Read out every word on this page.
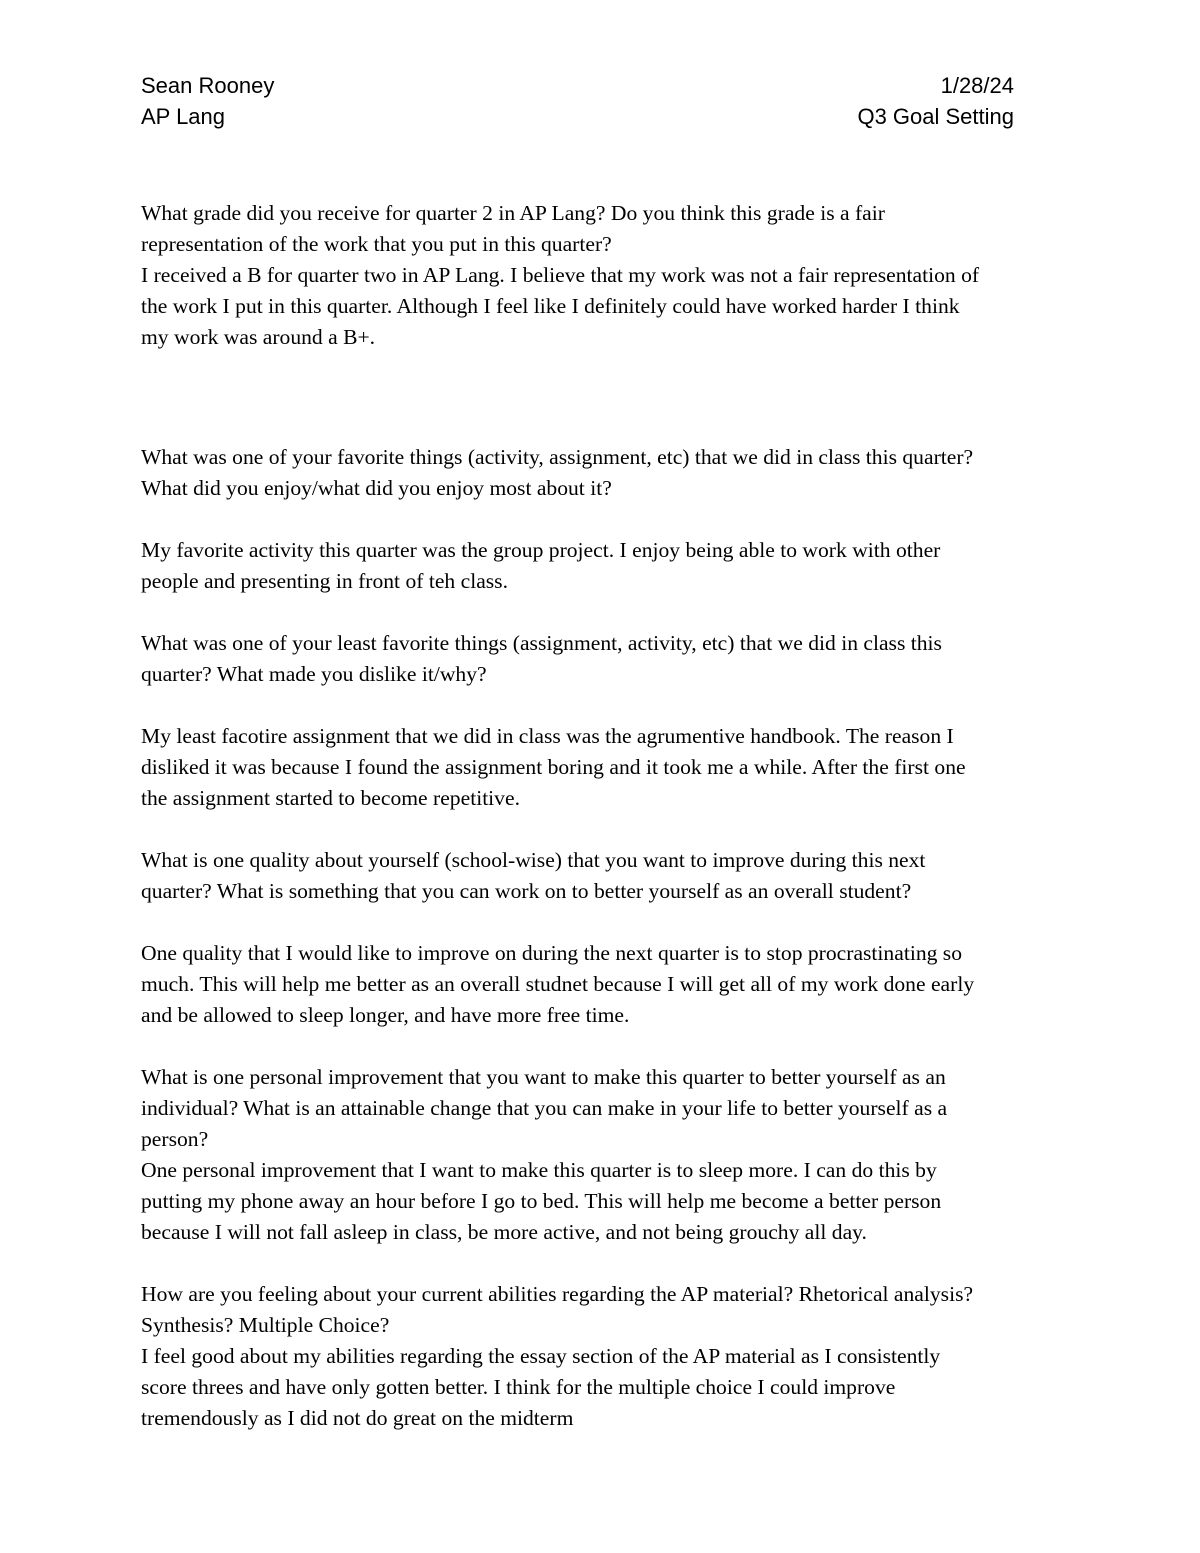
Sean Rooney	1/28/24
AP Lang	Q3 Goal Setting

What grade did you receive for quarter 2 in AP Lang? Do you think this grade is a fair

representation of the work that you put in this quarter?

I received a B for quarter two in AP Lang. I believe that my work was not a fair representation of

the work I put in this quarter. Although I feel like I definitely could have worked harder I think

my work was around a B+.

What was one of your favorite things (activity, assignment, etc) that we did in class this quarter?

What did you enjoy/what did you enjoy most about it?

My favorite activity this quarter was the group project. I enjoy being able to work with other

people and presenting in front of teh class.

What was one of your least favorite things (assignment, activity, etc) that we did in class this

quarter? What made you dislike it/why?

My least facotire assignment that we did in class was the agrumentive handbook. The reason I

disliked it was because I found the assignment boring and it took me a while. After the first one

the assignment started to become repetitive.

What is one quality about yourself (school-wise) that you want to improve during this next

quarter? What is something that you can work on to better yourself as an overall student?

One quality that I would like to improve on during the next quarter is to stop procrastinating so

much. This will help me better as an overall studnet because I will get all of my work done early

and be allowed to sleep longer, and have more free time.

What is one personal improvement that you want to make this quarter to better yourself as an

individual? What is an attainable change that you can make in your life to better yourself as a

person?

One personal improvement that I want to make this quarter is to sleep more. I can do this by

putting my phone away an hour before I go to bed. This will help me become a better person

because I will not fall asleep in class, be more active, and not being grouchy all day.

How are you feeling about your current abilities regarding the AP material? Rhetorical analysis?

Synthesis? Multiple Choice?

I feel good about my abilities regarding the essay section of the AP material as I consistently

score threes and have only gotten better. I think for the multiple choice I could improve

tremendously as I did not do great on the midterm
